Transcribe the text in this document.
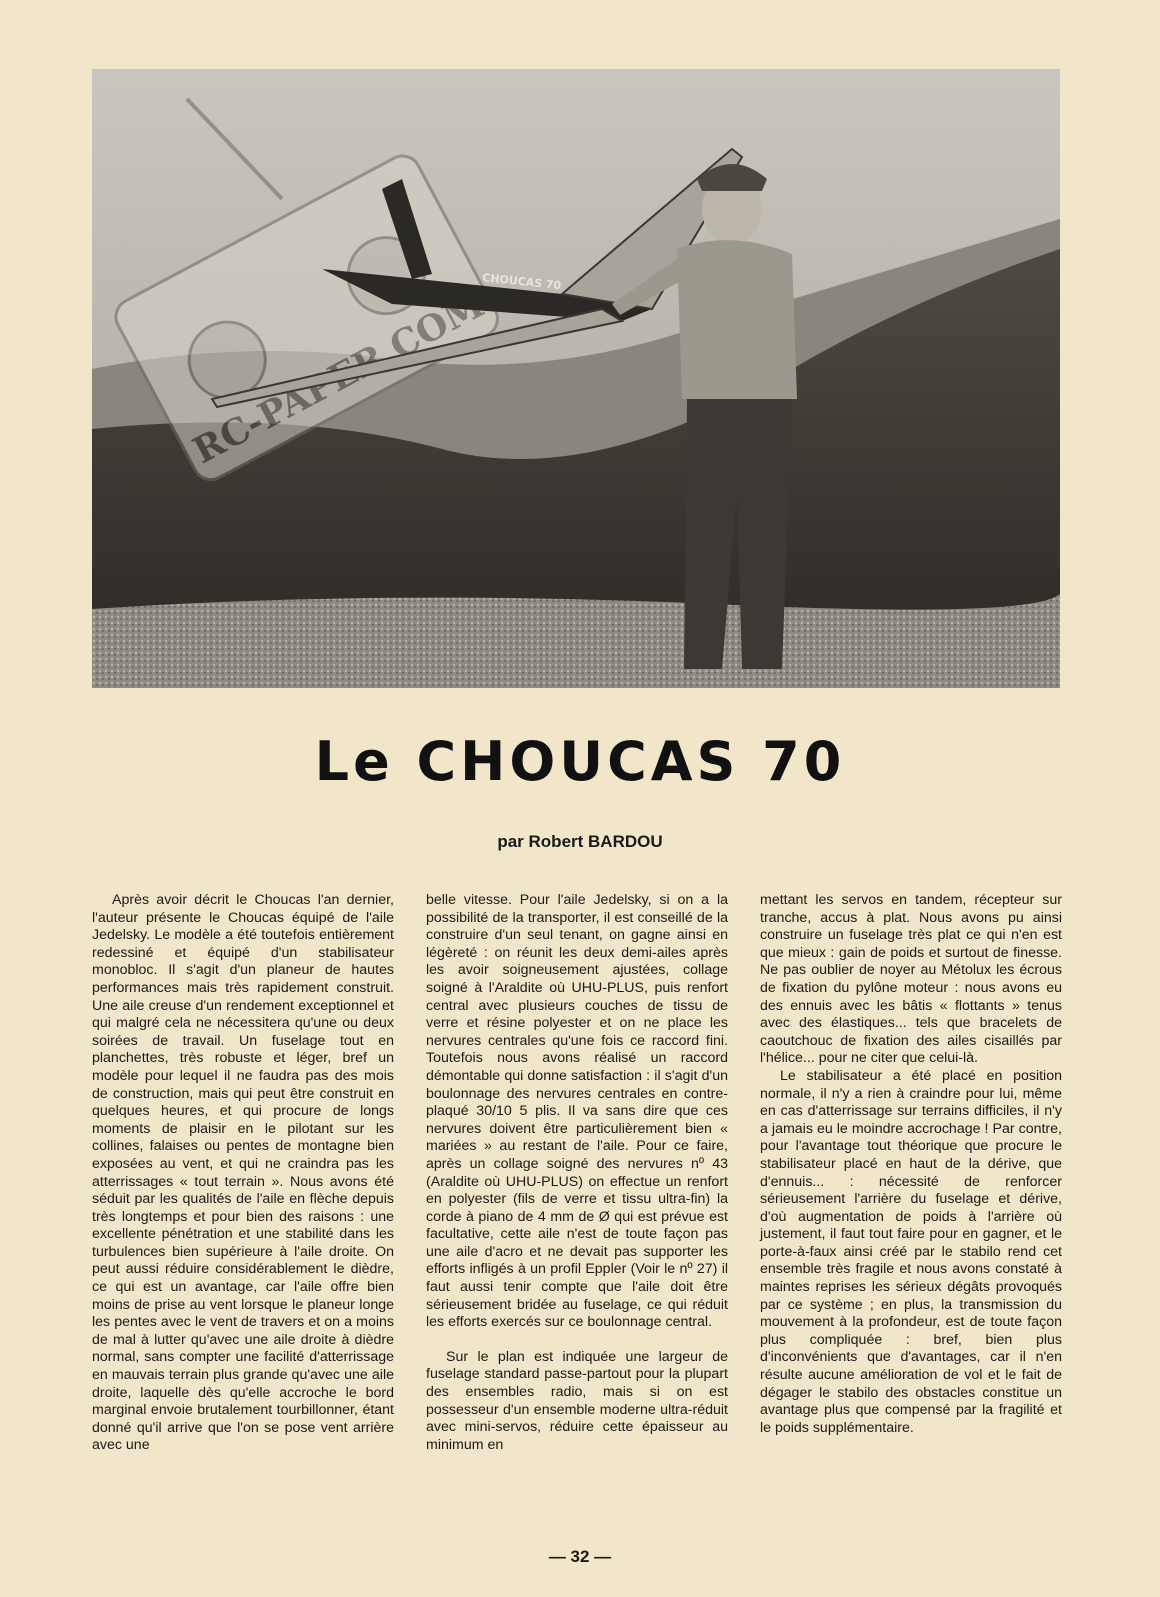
CHOUCAS 70
Le CHOUCAS 70
par Robert BARDOU

Après avoir décrit le Choucas l'an dernier, l'auteur présente le Choucas équipé de l'aile Jedelsky. Le modèle a été toutefois entièrement redessiné et équipé d'un stabilisateur monobloc. Il s'agit d'un planeur de hautes performances mais très rapidement construit. Une aile creuse d'un rendement exceptionnel et qui malgré cela ne nécessitera qu'une ou deux soirées de travail. Un fuselage tout en planchettes, très robuste et léger, bref un modèle pour lequel il ne faudra pas des mois de construction, mais qui peut être construit en quelques heures, et qui procure de longs moments de plaisir en le pilotant sur les collines, falaises ou pentes de montagne bien exposées au vent, et qui ne craindra pas les atterrissages « tout terrain ». Nous avons été séduit par les qualités de l'aile en flèche depuis très longtemps et pour bien des raisons : une excellente pénétration et une stabilité dans les turbulences bien supérieure à l'aile droite. On peut aussi réduire considérablement le dièdre, ce qui est un avantage, car l'aile offre bien moins de prise au vent lorsque le planeur longe les pentes avec le vent de travers et on a moins de mal à lutter qu'avec une aile droite à dièdre normal, sans compter une facilité d'atterrissage en mauvais terrain plus grande qu'avec une aile droite, laquelle dès qu'elle accroche le bord marginal envoie brutalement tourbillonner, étant donné qu'il arrive que l'on se pose vent arrière avec une

belle vitesse. Pour l'aile Jedelsky, si on a la possibilité de la transporter, il est conseillé de la construire d'un seul tenant, on gagne ainsi en légèreté : on réunit les deux demi-ailes après les avoir soigneusement ajustées, collage soigné à l'Araldite où UHU-PLUS, puis renfort central avec plusieurs couches de tissu de verre et résine polyester et on ne place les nervures centrales qu'une fois ce raccord fini. Toutefois nous avons réalisé un raccord démontable qui donne satisfaction : il s'agit d'un boulonnage des nervures centrales en contre-plaqué 30/10 5 plis. Il va sans dire que ces nervures doivent être particulièrement bien « mariées » au restant de l'aile. Pour ce faire, après un collage soigné des nervures nº 43 (Araldite où UHU-PLUS) on effectue un renfort en polyester (fils de verre et tissu ultra-fin) la corde à piano de 4 mm de Ø qui est prévue est facultative, cette aile n'est de toute façon pas une aile d'acro et ne devait pas supporter les efforts infligés à un profil Eppler (Voir le nº 27) il faut aussi tenir compte que l'aile doit être sérieusement bridée au fuselage, ce qui réduit les efforts exercés sur ce boulonnage central.

Sur le plan est indiquée une largeur de fuselage standard passe-partout pour la plupart des ensembles radio, mais si on est possesseur d'un ensemble moderne ultra-réduit avec mini-servos, réduire cette épaisseur au minimum en

mettant les servos en tandem, récepteur sur tranche, accus à plat. Nous avons pu ainsi construire un fuselage très plat ce qui n'en est que mieux : gain de poids et surtout de finesse. Ne pas oublier de noyer au Métolux les écrous de fixation du pylône moteur : nous avons eu des ennuis avec les bâtis « flottants » tenus avec des élastiques... tels que bracelets de caoutchouc de fixation des ailes cisaillés par l'hélice... pour ne citer que celui-là.

Le stabilisateur a été placé en position normale, il n'y a rien à craindre pour lui, même en cas d'atterrissage sur terrains difficiles, il n'y a jamais eu le moindre accrochage ! Par contre, pour l'avantage tout théorique que procure le stabilisateur placé en haut de la dérive, que d'ennuis... : nécessité de renforcer sérieusement l'arrière du fuselage et dérive, d'où augmentation de poids à l'arrière où justement, il faut tout faire pour en gagner, et le porte-à-faux ainsi créé par le stabilo rend cet ensemble très fragile et nous avons constaté à maintes reprises les sérieux dégâts provoqués par ce système ; en plus, la transmission du mouvement à la profondeur, est de toute façon plus compliquée : bref, bien plus d'inconvénients que d'avantages, car il n'en résulte aucune amélioration de vol et le fait de dégager le stabilo des obstacles constitue un avantage plus que compensé par la fragilité et le poids supplémentaire.

— 32 —
